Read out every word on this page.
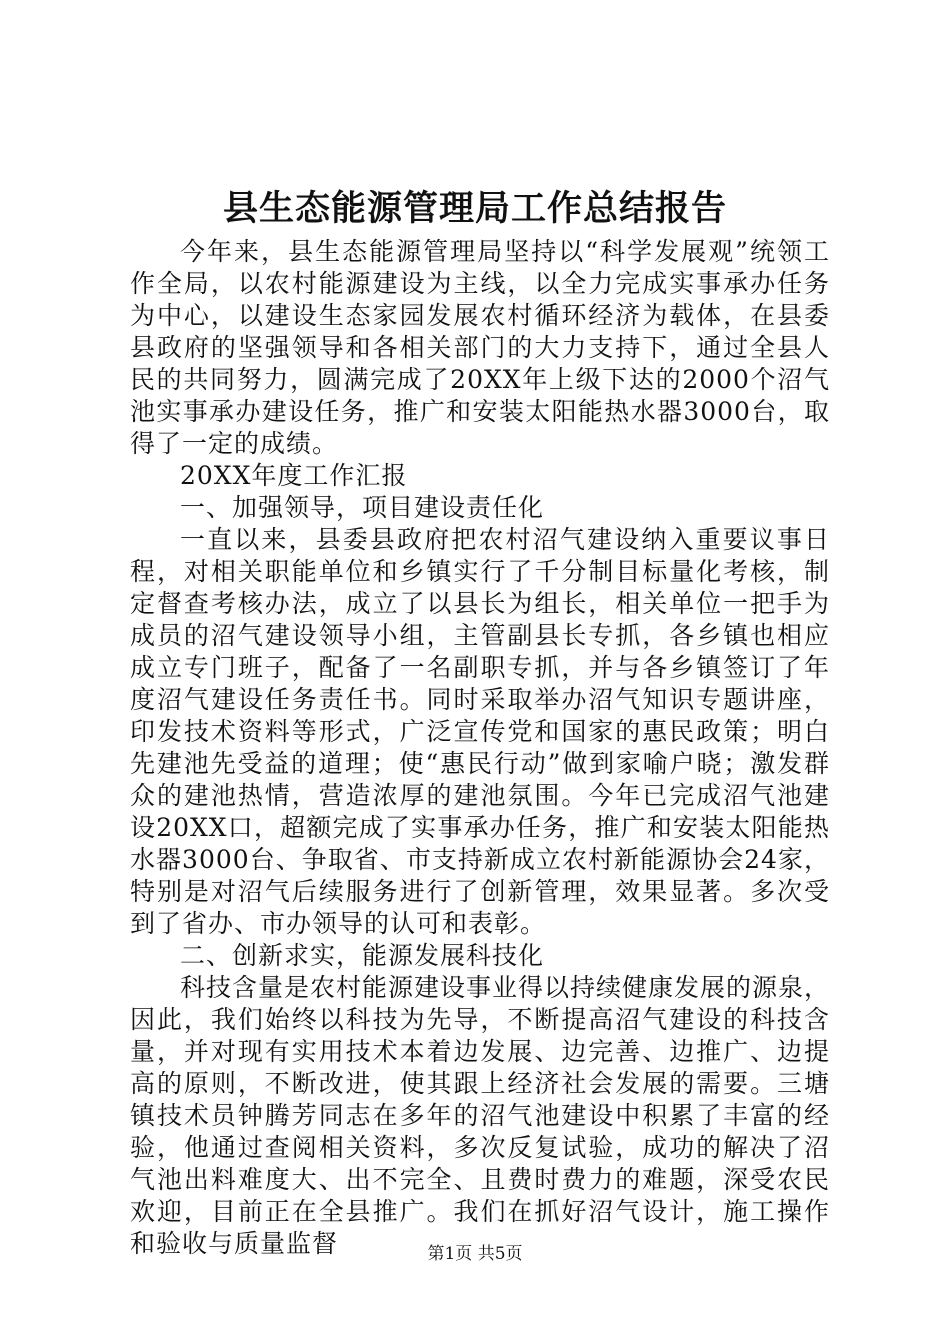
县生态能源管理局工作总结报告

今年来，县生态能源管理局坚持以“科学发展观”统领工作全局，以农村能源建设为主线，以全力完成实事承办任务为中心，以建设生态家园发展农村循环经济为载体，在县委县政府的坚强领导和各相关部门的大力支持下，通过全县人民的共同努力，圆满完成了20XX年上级下达的2000个沼气池实事承办建设任务，推广和安装太阳能热水器3000台，取得了一定的成绩。

20XX年度工作汇报

一、加强领导，项目建设责任化

一直以来，县委县政府把农村沼气建设纳入重要议事日程，对相关职能单位和乡镇实行了千分制目标量化考核，制定督查考核办法，成立了以县长为组长，相关单位一把手为成员的沼气建设领导小组，主管副县长专抓，各乡镇也相应成立专门班子，配备了一名副职专抓，并与各乡镇签订了年度沼气建设任务责任书。同时采取举办沼气知识专题讲座，印发技术资料等形式，广泛宣传党和国家的惠民政策；明白先建池先受益的道理；使“惠民行动”做到家喻户晓；激发群众的建池热情，营造浓厚的建池氛围。今年已完成沼气池建设20XX口，超额完成了实事承办任务，推广和安装太阳能热水器3000台、争取省、市支持新成立农村新能源协会24家，特别是对沼气后续服务进行了创新管理，效果显著。多次受到了省办、市办领导的认可和表彰。

二、创新求实，能源发展科技化

科技含量是农村能源建设事业得以持续健康发展的源泉，因此，我们始终以科技为先导，不断提高沼气建设的科技含量，并对现有实用技术本着边发展、边完善、边推广、边提高的原则，不断改进，使其跟上经济社会发展的需要。三塘镇技术员钟腾芳同志在多年的沼气池建设中积累了丰富的经验，他通过查阅相关资料，多次反复试验，成功的解决了沼气池出料难度大、出不完全、且费时费力的难题，深受农民欢迎，目前正在全县推广。我们在抓好沼气设计，施工操作和验收与质量监督	第1页 共5页
